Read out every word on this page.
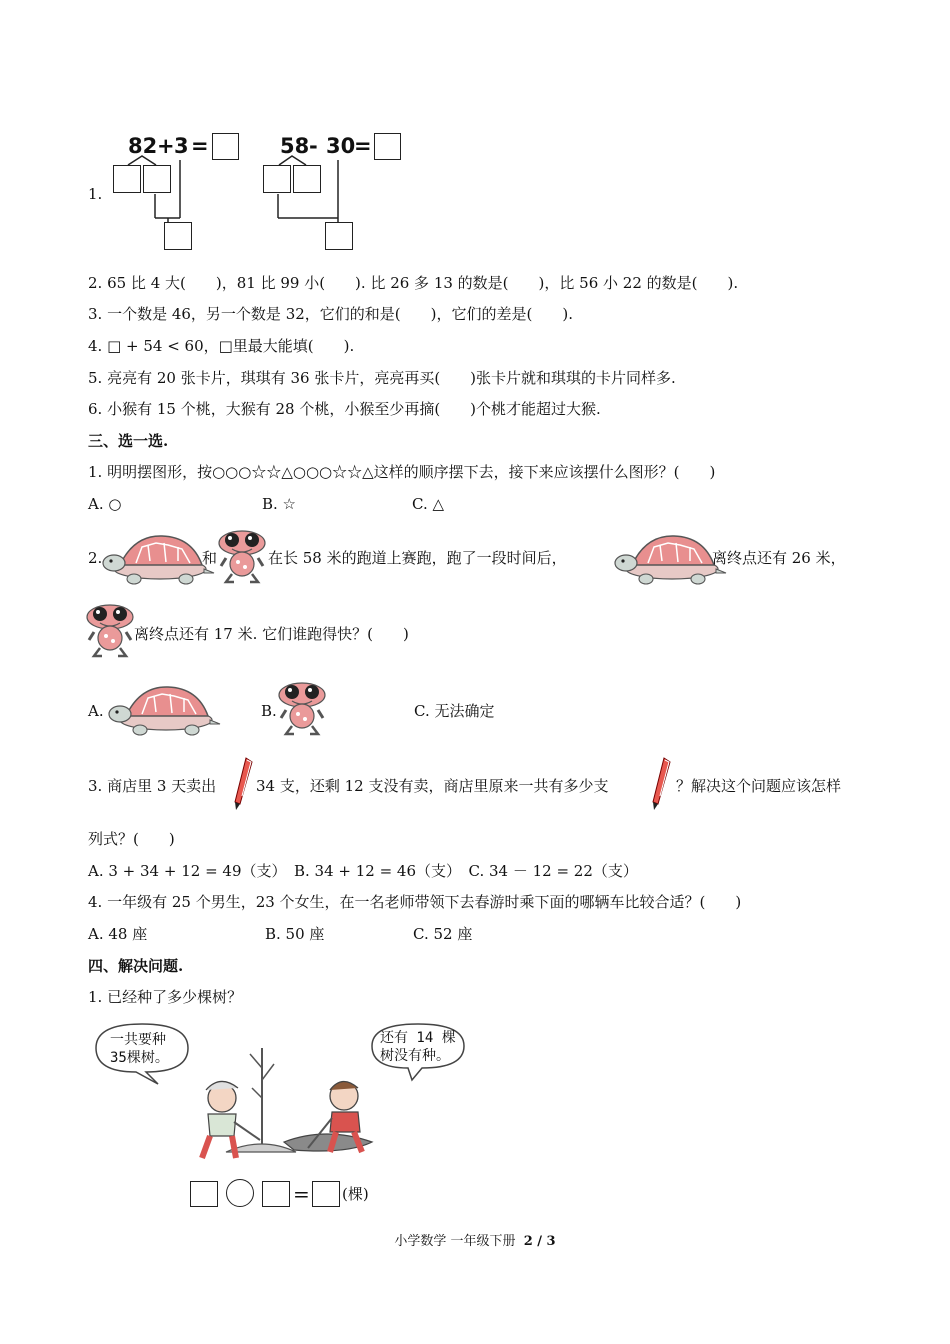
1.
82 + 3 =	58 - 30
=
2. 65 比 4 大(　　)，81 比 99 小(　　). 比 26 多 13 的数是(　　)，比 56 小 22 的数是(　　).
3. 一个数是 46，另一个数是 32，它们的和是(　　)，它们的差是(　　).
4. □ + 54 < 60，□里最大能填(　　).
5. 亮亮有 20 张卡片，琪琪有 36 张卡片，亮亮再买(　　)张卡片就和琪琪的卡片同样多.
6. 小猴有 15 个桃，大猴有 28 个桃，小猴至少再摘(　　)个桃才能超过大猴.
三、选一选.
1. 明明摆图形，按○○○☆☆△○○○☆☆△这样的顺序摆下去，接下来应该摆什么图形？(　　)
A. ○	B. ☆	C. △
2.	和	在长 58 米的跑道上赛跑，跑了一段时间后，	离终点还有 26 米，
离终点还有 17 米. 它们谁跑得快？(　　)
A.	B.	C. 无法确定
3. 商店里 3 天卖出	34 支，还剩 12 支没有卖，商店里原来一共有多少支	？解决这个问题应该怎样
列式？(　　)
A. 3 + 34 + 12 = 49（支）　B. 34 + 12 = 46（支）　C. 34 － 12 = 22（支）
4. 一年级有 25 个男生，23 个女生，在一名老师带领下去春游时乘下面的哪辆车比较合适？(　　)
A. 48 座	B. 50 座	C. 52 座
四、解决问题.
1. 已经种了多少棵树？
一共要种
35棵树。
还有 14 棵
树没有种。
= (棵)
小学数学 一年级下册 2 / 3
